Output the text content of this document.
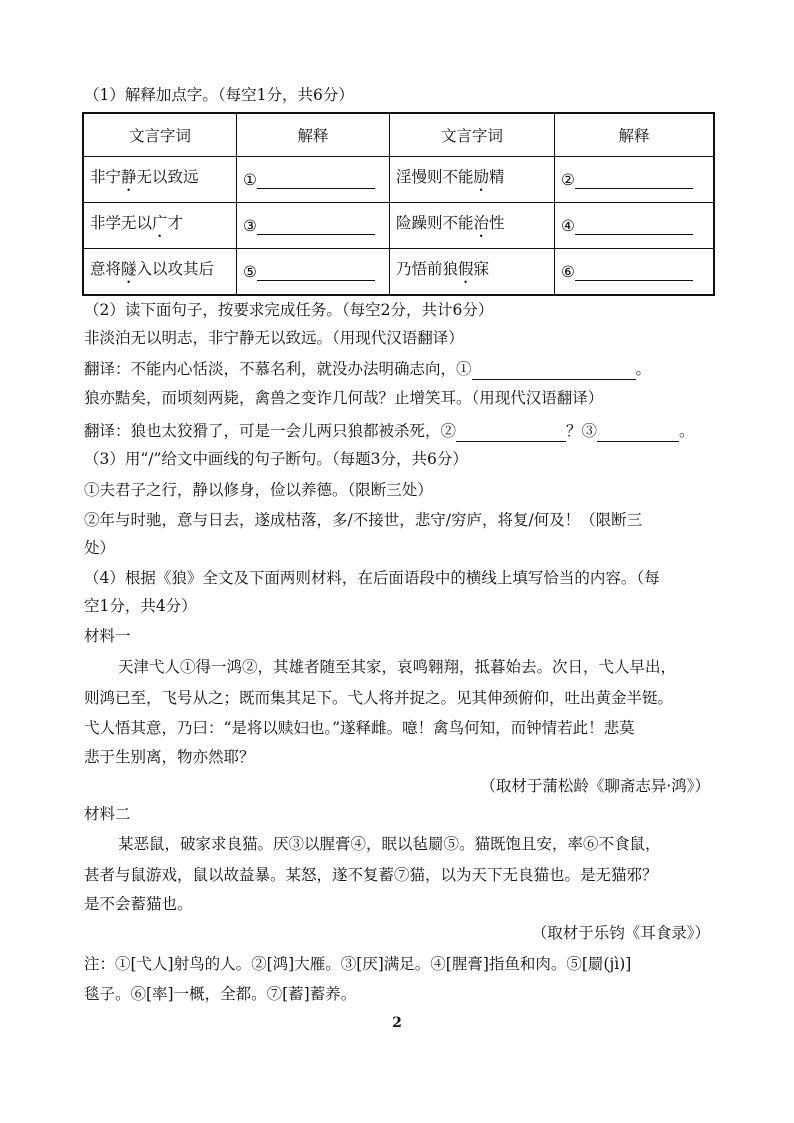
（1）解释加点字。（每空1分，共6分）
文言字词	解释	文言字词	解释
非宁静无以致远	①	淫慢则不能励精	②
非学无以广才	③	险躁则不能治性	④
意将隧入以攻其后	⑤	乃悟前狼假寐	⑥
（2）读下面句子，按要求完成任务。（每空2分，共计6分）
非淡泊无以明志，非宁静无以致远。（用现代汉语翻译）
翻译：不能内心恬淡，不慕名利，就没办法明确志向，①	。
狼亦黠矣，而顷刻两毙，禽兽之变诈几何哉？止增笑耳。（用现代汉语翻译）
翻译：狼也太狡猾了，可是一会儿两只狼都被杀死，②	？③	。
（3）用“/”给文中画线的句子断句。（每题3分，共6分）
①夫君子之行，静以修身，俭以养德。（限断三处）
②年与时驰，意与日去，遂成枯落，多/不接世，悲守/穷庐，将复/何及！（限断三
处）
（4）根据《狼》全文及下面两则材料，在后面语段中的横线上填写恰当的内容。（每
空1分，共4分）
材料一
天津弋人①得一鸿②，其雄者随至其家，哀鸣翱翔，抵暮始去。次日，弋人早出，
则鸿已至，飞号从之；既而集其足下。弋人将并捉之。见其伸颈俯仰，吐出黄金半铤。
弋人悟其意，乃曰：“是将以赎妇也。”遂释雌。噫！禽鸟何知，而钟情若此！悲莫
悲于生别离，物亦然耶？
（取材于蒲松龄《聊斋志异·鸿》）
材料二
某恶鼠，破家求良猫。厌③以腥膏④，眠以毡罽⑤。猫既饱且安，率⑥不食鼠，
甚者与鼠游戏，鼠以故益暴。某怒，遂不复蓄⑦猫，以为天下无良猫也。是无猫邪？
是不会蓄猫也。
（取材于乐钧《耳食录》）
注：①[弋人]射鸟的人。②[鸿]大雁。③[厌]满足。④[腥膏]指鱼和肉。⑤[罽(jì)]
毯子。⑥[率]一概，全都。⑦[蓄]蓄养。
2
